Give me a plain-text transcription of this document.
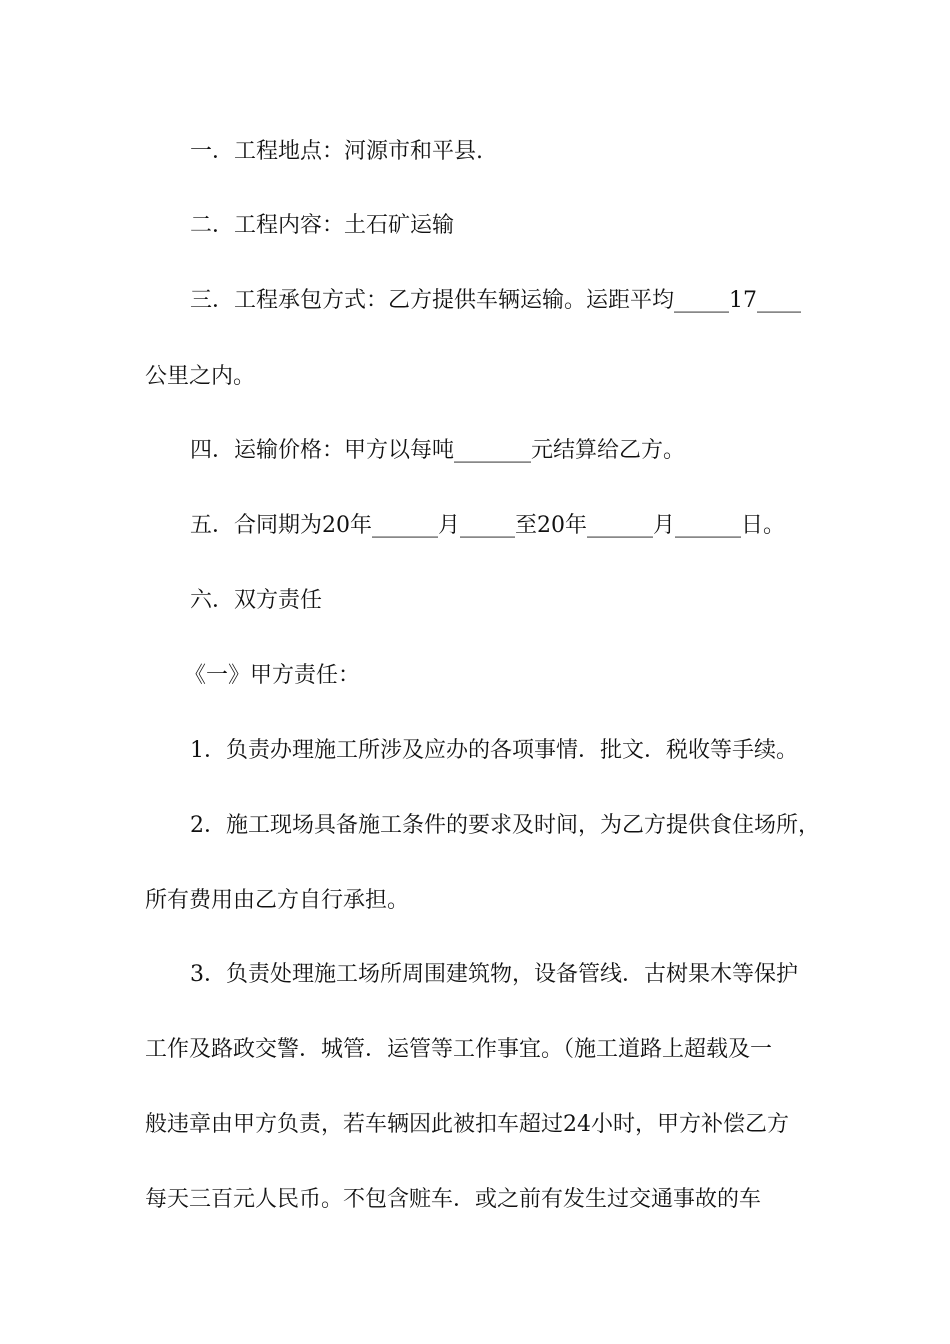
一．工程地点：河源市和平县.
二．工程内容：土石矿运输
三．工程承包方式：乙方提供车辆运输。运距平均_____17____
公里之内。
四．运输价格：甲方以每吨_______元结算给乙方。
五．合同期为20年______月_____至20年______月______日。
六．双方责任
《一》甲方责任：
1．负责办理施工所涉及应办的各项事情．批文．税收等手续。
2．施工现场具备施工条件的要求及时间，为乙方提供食住场所，
所有费用由乙方自行承担。
3．负责处理施工场所周围建筑物，设备管线．古树果木等保护
工作及路政交警．城管．运管等工作事宜。（施工道路上超载及一
般违章由甲方负责，若车辆因此被扣车超过24小时，甲方补偿乙方
每天三百元人民币。不包含赃车．或之前有发生过交通事故的车
